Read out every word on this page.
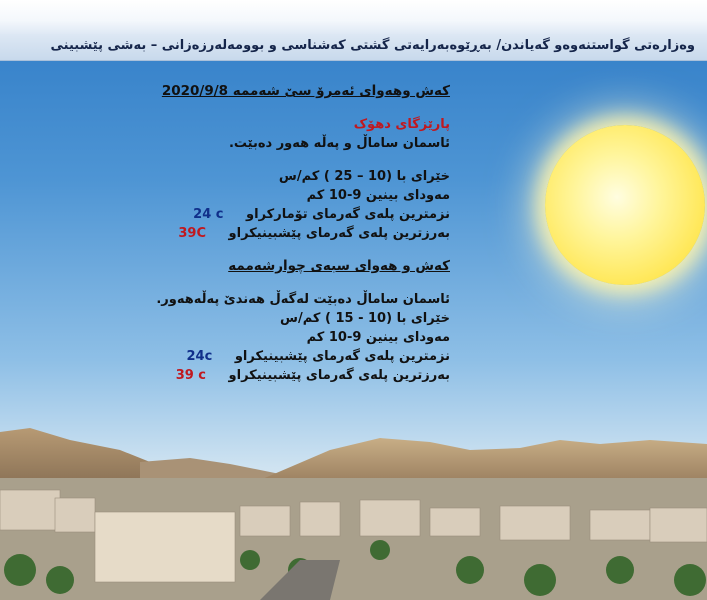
وەزارەتی گواستنەوەو گەیاندن/ بەڕێوەبەرایەتی گشتی کەشناسی و بوومەلەرزەزانی – بەشی پێشبینی
کەش وهەوای ئەمرۆ سێ شەممە 2020/9/8
پارێزگای دهۆک
ئاسمان ساماڵ و پەڵە هەور دەبێت.
خێرای با (10 – 25 ) کم/س
مەودای بینین 9-10 کم
نزمترین پلەی گەرمای تۆمارکراو 24 c
بەرزترین پلەی گەرمای پێشبینیکراو 39C
کەش و هەوای سبەی چوارشەممە
ئاسمان ساماڵ دەبێت لەگەڵ هەندێ پەڵەهەور.
خێرای با (10 - 15 ) کم/س
مەودای بینین 9-10 کم
نزمترین پلەی گەرمای پێشبینیکراو 24c
بەرزترین پلەی گەرمای پێشبینیکراو 39 c
